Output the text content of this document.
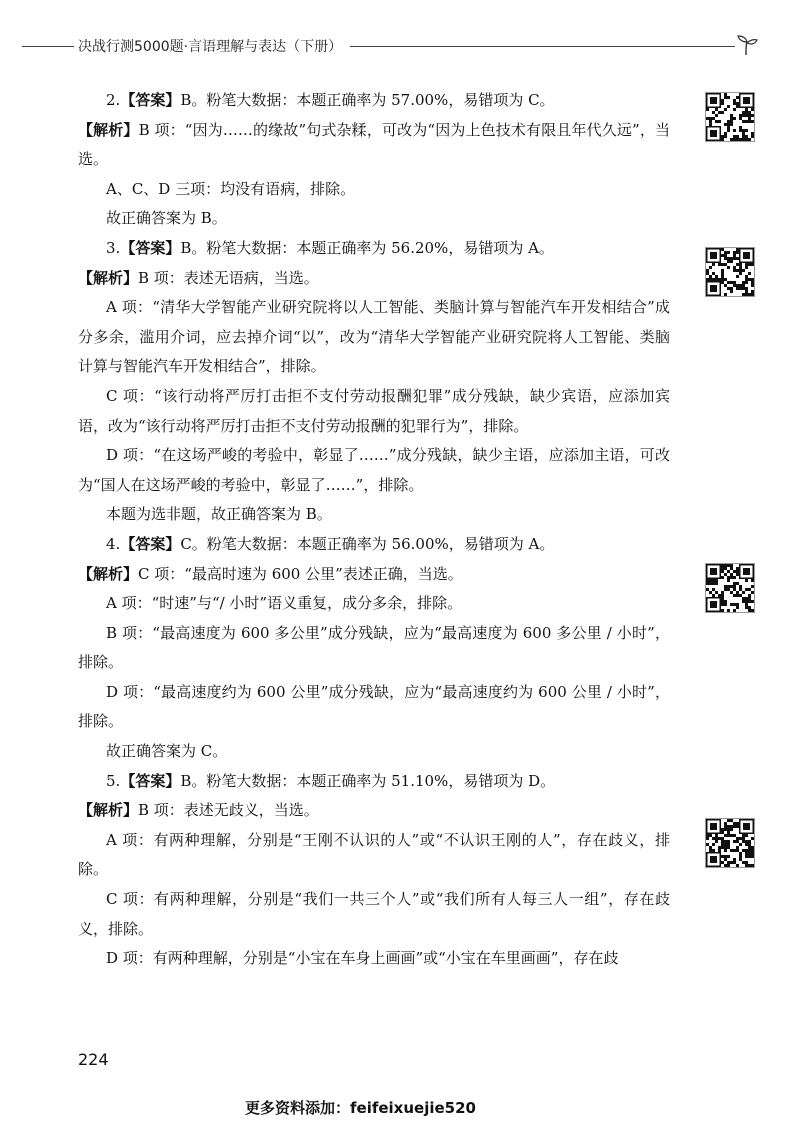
决战行测5000题·言语理解与表达（下册）

2.【答案】B。粉笔大数据：本题正确率为 57.00%，易错项为 C。

【解析】B 项：“因为……的缘故”句式杂糅，可改为“因为上色技术有限且年代久远”，当选。

A、C、D 三项：均没有语病，排除。

故正确答案为 B。

3.【答案】B。粉笔大数据：本题正确率为 56.20%，易错项为 A。

【解析】B 项：表述无语病，当选。

A 项：“清华大学智能产业研究院将以人工智能、类脑计算与智能汽车开发相结合”成分多余，滥用介词，应去掉介词“以”，改为“清华大学智能产业研究院将人工智能、类脑计算与智能汽车开发相结合”，排除。

C 项：“该行动将严厉打击拒不支付劳动报酬犯罪”成分残缺，缺少宾语，应添加宾语，改为“该行动将严厉打击拒不支付劳动报酬的犯罪行为”，排除。

D 项：“在这场严峻的考验中，彰显了……”成分残缺，缺少主语，应添加主语，可改为“国人在这场严峻的考验中，彰显了……”，排除。

本题为选非题，故正确答案为 B。

4.【答案】C。粉笔大数据：本题正确率为 56.00%，易错项为 A。

【解析】C 项：“最高时速为 600 公里”表述正确，当选。

A 项：“时速”与“/ 小时”语义重复，成分多余，排除。

B 项：“最高速度为 600 多公里”成分残缺，应为“最高速度为 600 多公里 / 小时”，排除。

D 项：“最高速度约为 600 公里”成分残缺，应为“最高速度约为 600 公里 / 小时”，排除。

故正确答案为 C。

5.【答案】B。粉笔大数据：本题正确率为 51.10%，易错项为 D。

【解析】B 项：表述无歧义，当选。

A 项：有两种理解，分别是“王刚不认识的人”或“不认识王刚的人”，存在歧义，排除。

C 项：有两种理解，分别是“我们一共三个人”或“我们所有人每三人一组”，存在歧义，排除。

D 项：有两种理解，分别是“小宝在车身上画画”或“小宝在车里画画”，存在歧

224
更多资料添加：feifeixuejie520
